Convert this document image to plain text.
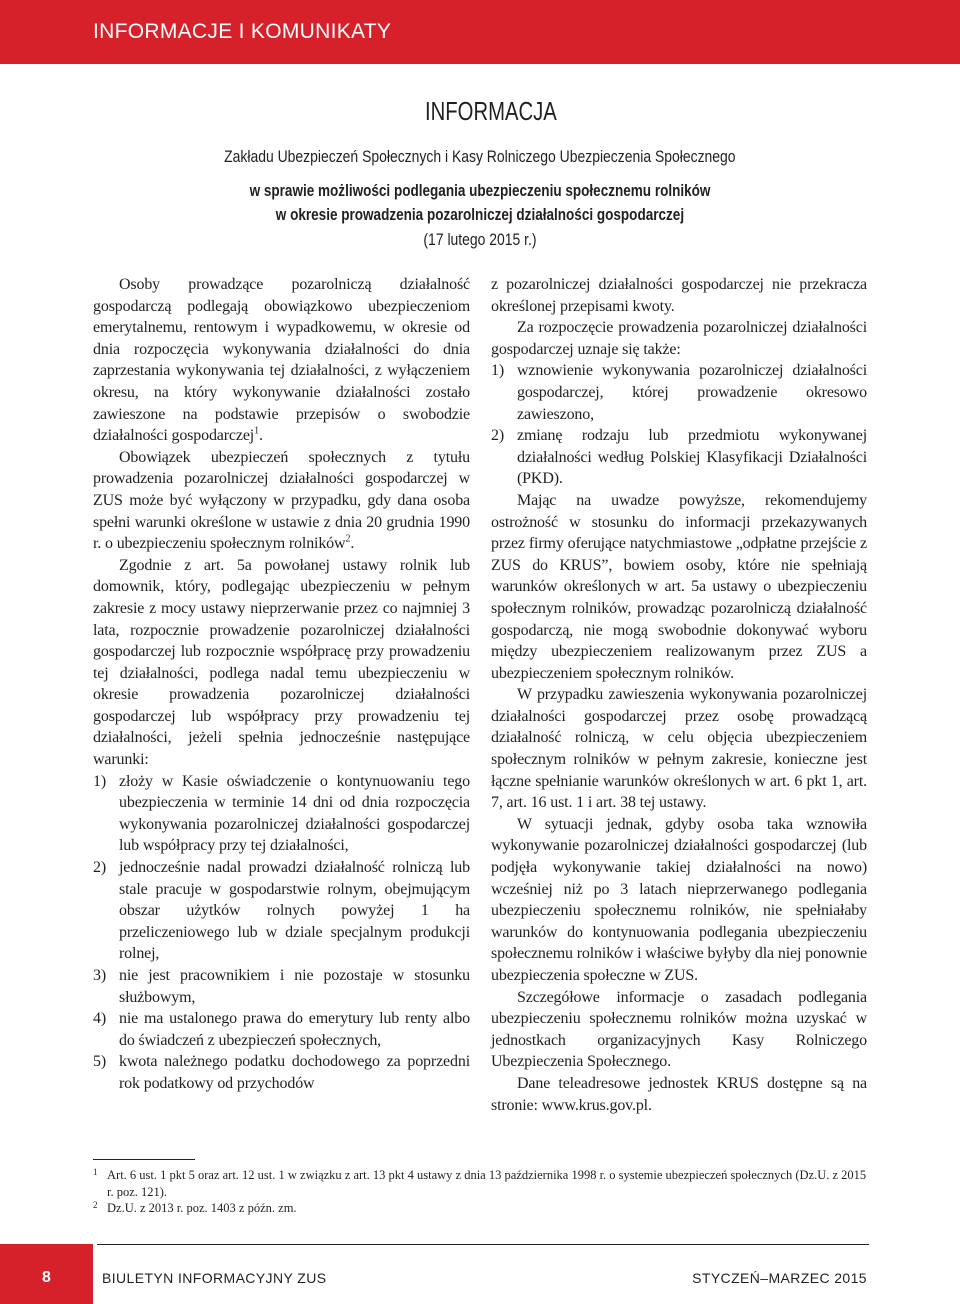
INFORMACJE I KOMUNIKATY
INFORMACJA
Zakładu Ubezpieczeń Społecznych i Kasy Rolniczego Ubezpieczenia Społecznego
w sprawie możliwości podlegania ubezpieczeniu społecznemu rolników
w okresie prowadzenia pozarolniczej działalności gospodarczej
(17 lutego 2015 r.)

Osoby prowadzące pozarolniczą działalność gospodarczą podlegają obowiązkowo ubezpieczeniom emerytalnemu, rentowym i wypadkowemu, w okresie od dnia rozpoczęcia wykonywania działalności do dnia zaprzestania wykonywania tej działalności, z wyłączeniem okresu, na który wykonywanie działalności zostało zawieszone na podstawie przepisów o swobodzie działalności gospodarczej$^1$.

Obowiązek ubezpieczeń społecznych z tytułu prowadzenia pozarolniczej działalności gospodarczej w ZUS może być wyłączony w przypadku, gdy dana osoba spełni warunki określone w ustawie z dnia 20 grudnia 1990 r. o ubezpieczeniu społecznym rolników$^2$.

Zgodnie z art. 5a powołanej ustawy rolnik lub domownik, który, podlegając ubezpieczeniu w pełnym zakresie z mocy ustawy nieprzerwanie przez co najmniej 3 lata, rozpocznie prowadzenie pozarolniczej działalności gospodarczej lub rozpocznie współpracę przy prowadzeniu tej działalności, podlega nadal temu ubezpieczeniu w okresie prowadzenia pozarolniczej działalności gospodarczej lub współpracy przy prowadzeniu tej działalności, jeżeli spełnia jednocześnie następujące warunki:

1) złoży w Kasie oświadczenie o kontynuowaniu tego ubezpieczenia w terminie 14 dni od dnia rozpoczęcia wykonywania pozarolniczej działalności gospodarczej lub współpracy przy tej działalności,
2) jednocześnie nadal prowadzi działalność rolniczą lub stale pracuje w gospodarstwie rolnym, obejmującym obszar użytków rolnych powyżej 1 ha przeliczeniowego lub w dziale specjalnym produkcji rolnej,
3) nie jest pracownikiem i nie pozostaje w stosunku służbowym,
4) nie ma ustalonego prawa do emerytury lub renty albo do świadczeń z ubezpieczeń społecznych,
5) kwota należnego podatku dochodowego za poprzedni rok podatkowy od przychodów

z pozarolniczej działalności gospodarczej nie przekracza określonej przepisami kwoty.

Za rozpoczęcie prowadzenia pozarolniczej działalności gospodarczej uznaje się także:

1) wznowienie wykonywania pozarolniczej działalności gospodarczej, której prowadzenie okresowo zawieszono,
2) zmianę rodzaju lub przedmiotu wykonywanej działalności według Polskiej Klasyfikacji Działalności (PKD).

Mając na uwadze powyższe, rekomendujemy ostrożność w stosunku do informacji przekazywanych przez firmy oferujące natychmiastowe „odpłatne przejście z ZUS do KRUS”, bowiem osoby, które nie spełniają warunków określonych w art. 5a ustawy o ubezpieczeniu społecznym rolników, prowadząc pozarolniczą działalność gospodarczą, nie mogą swobodnie dokonywać wyboru między ubezpieczeniem realizowanym przez ZUS a ubezpieczeniem społecznym rolników.

W przypadku zawieszenia wykonywania pozarolniczej działalności gospodarczej przez osobę prowadzącą działalność rolniczą, w celu objęcia ubezpieczeniem społecznym rolników w pełnym zakresie, konieczne jest łączne spełnianie warunków określonych w art. 6 pkt 1, art. 7, art. 16 ust. 1 i art. 38 tej ustawy.

W sytuacji jednak, gdyby osoba taka wznowiła wykonywanie pozarolniczej działalności gospodarczej (lub podjęła wykonywanie takiej działalności na nowo) wcześniej niż po 3 latach nieprzerwanego podlegania ubezpieczeniu społecznemu rolników, nie spełniałaby warunków do kontynuowania podlegania ubezpieczeniu społecznemu rolników i właściwe byłyby dla niej ponownie ubezpieczenia społeczne w ZUS.

Szczegółowe informacje o zasadach podlegania ubezpieczeniu społecznemu rolników można uzyskać w jednostkach organizacyjnych Kasy Rolniczego Ubezpieczenia Społecznego.

Dane teleadresowe jednostek KRUS dostępne są na stronie: www.krus.gov.pl.

1 Art. 6 ust. 1 pkt 5 oraz art. 12 ust. 1 w związku z art. 13 pkt 4 ustawy z dnia 13 października 1998 r. o systemie ubezpieczeń społecznych (Dz.U. z 2015 r. poz. 121).
2 Dz.U. z 2013 r. poz. 1403 z późn. zm.
8	BIULETYN INFORMACYJNY ZUS	STYCZEŃ–MARZEC 2015
